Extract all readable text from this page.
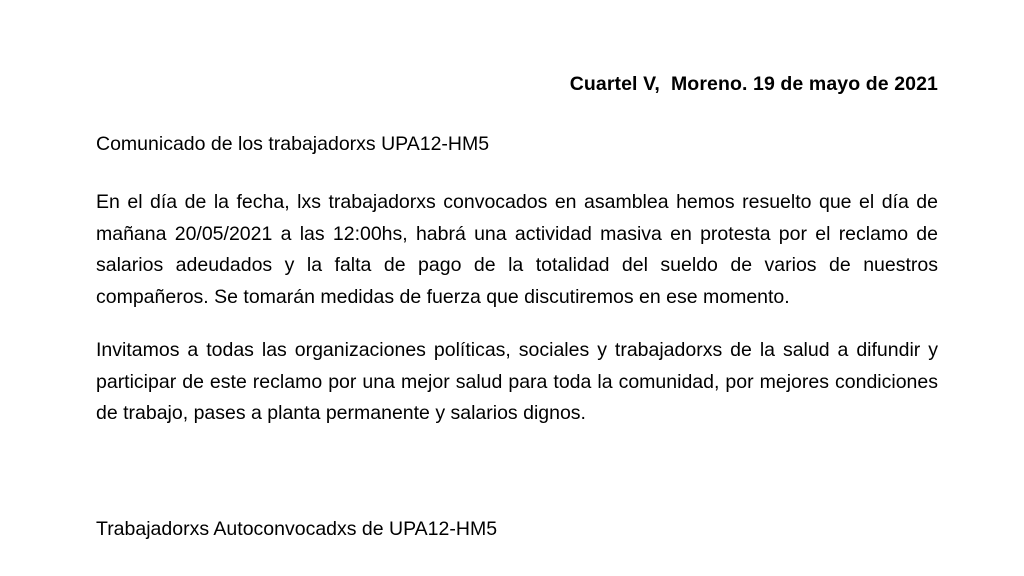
Cuartel V,  Moreno. 19 de mayo de 2021

Comunicado de los trabajadorxs UPA12-HM5

En el día de la fecha, lxs trabajadorxs convocados en asamblea hemos resuelto que el día de mañana 20/05/2021 a las 12:00hs, habrá una actividad masiva en protesta por el reclamo de salarios adeudados y la falta de pago de la totalidad del sueldo de varios de nuestros compañeros. Se tomarán medidas de fuerza que discutiremos en ese momento.

Invitamos a todas las organizaciones políticas, sociales y trabajadorxs de la salud a difundir y participar de este reclamo por una mejor salud para toda la comunidad, por mejores condiciones de trabajo, pases a planta permanente y salarios dignos.

Trabajadorxs Autoconvocadxs de UPA12-HM5
